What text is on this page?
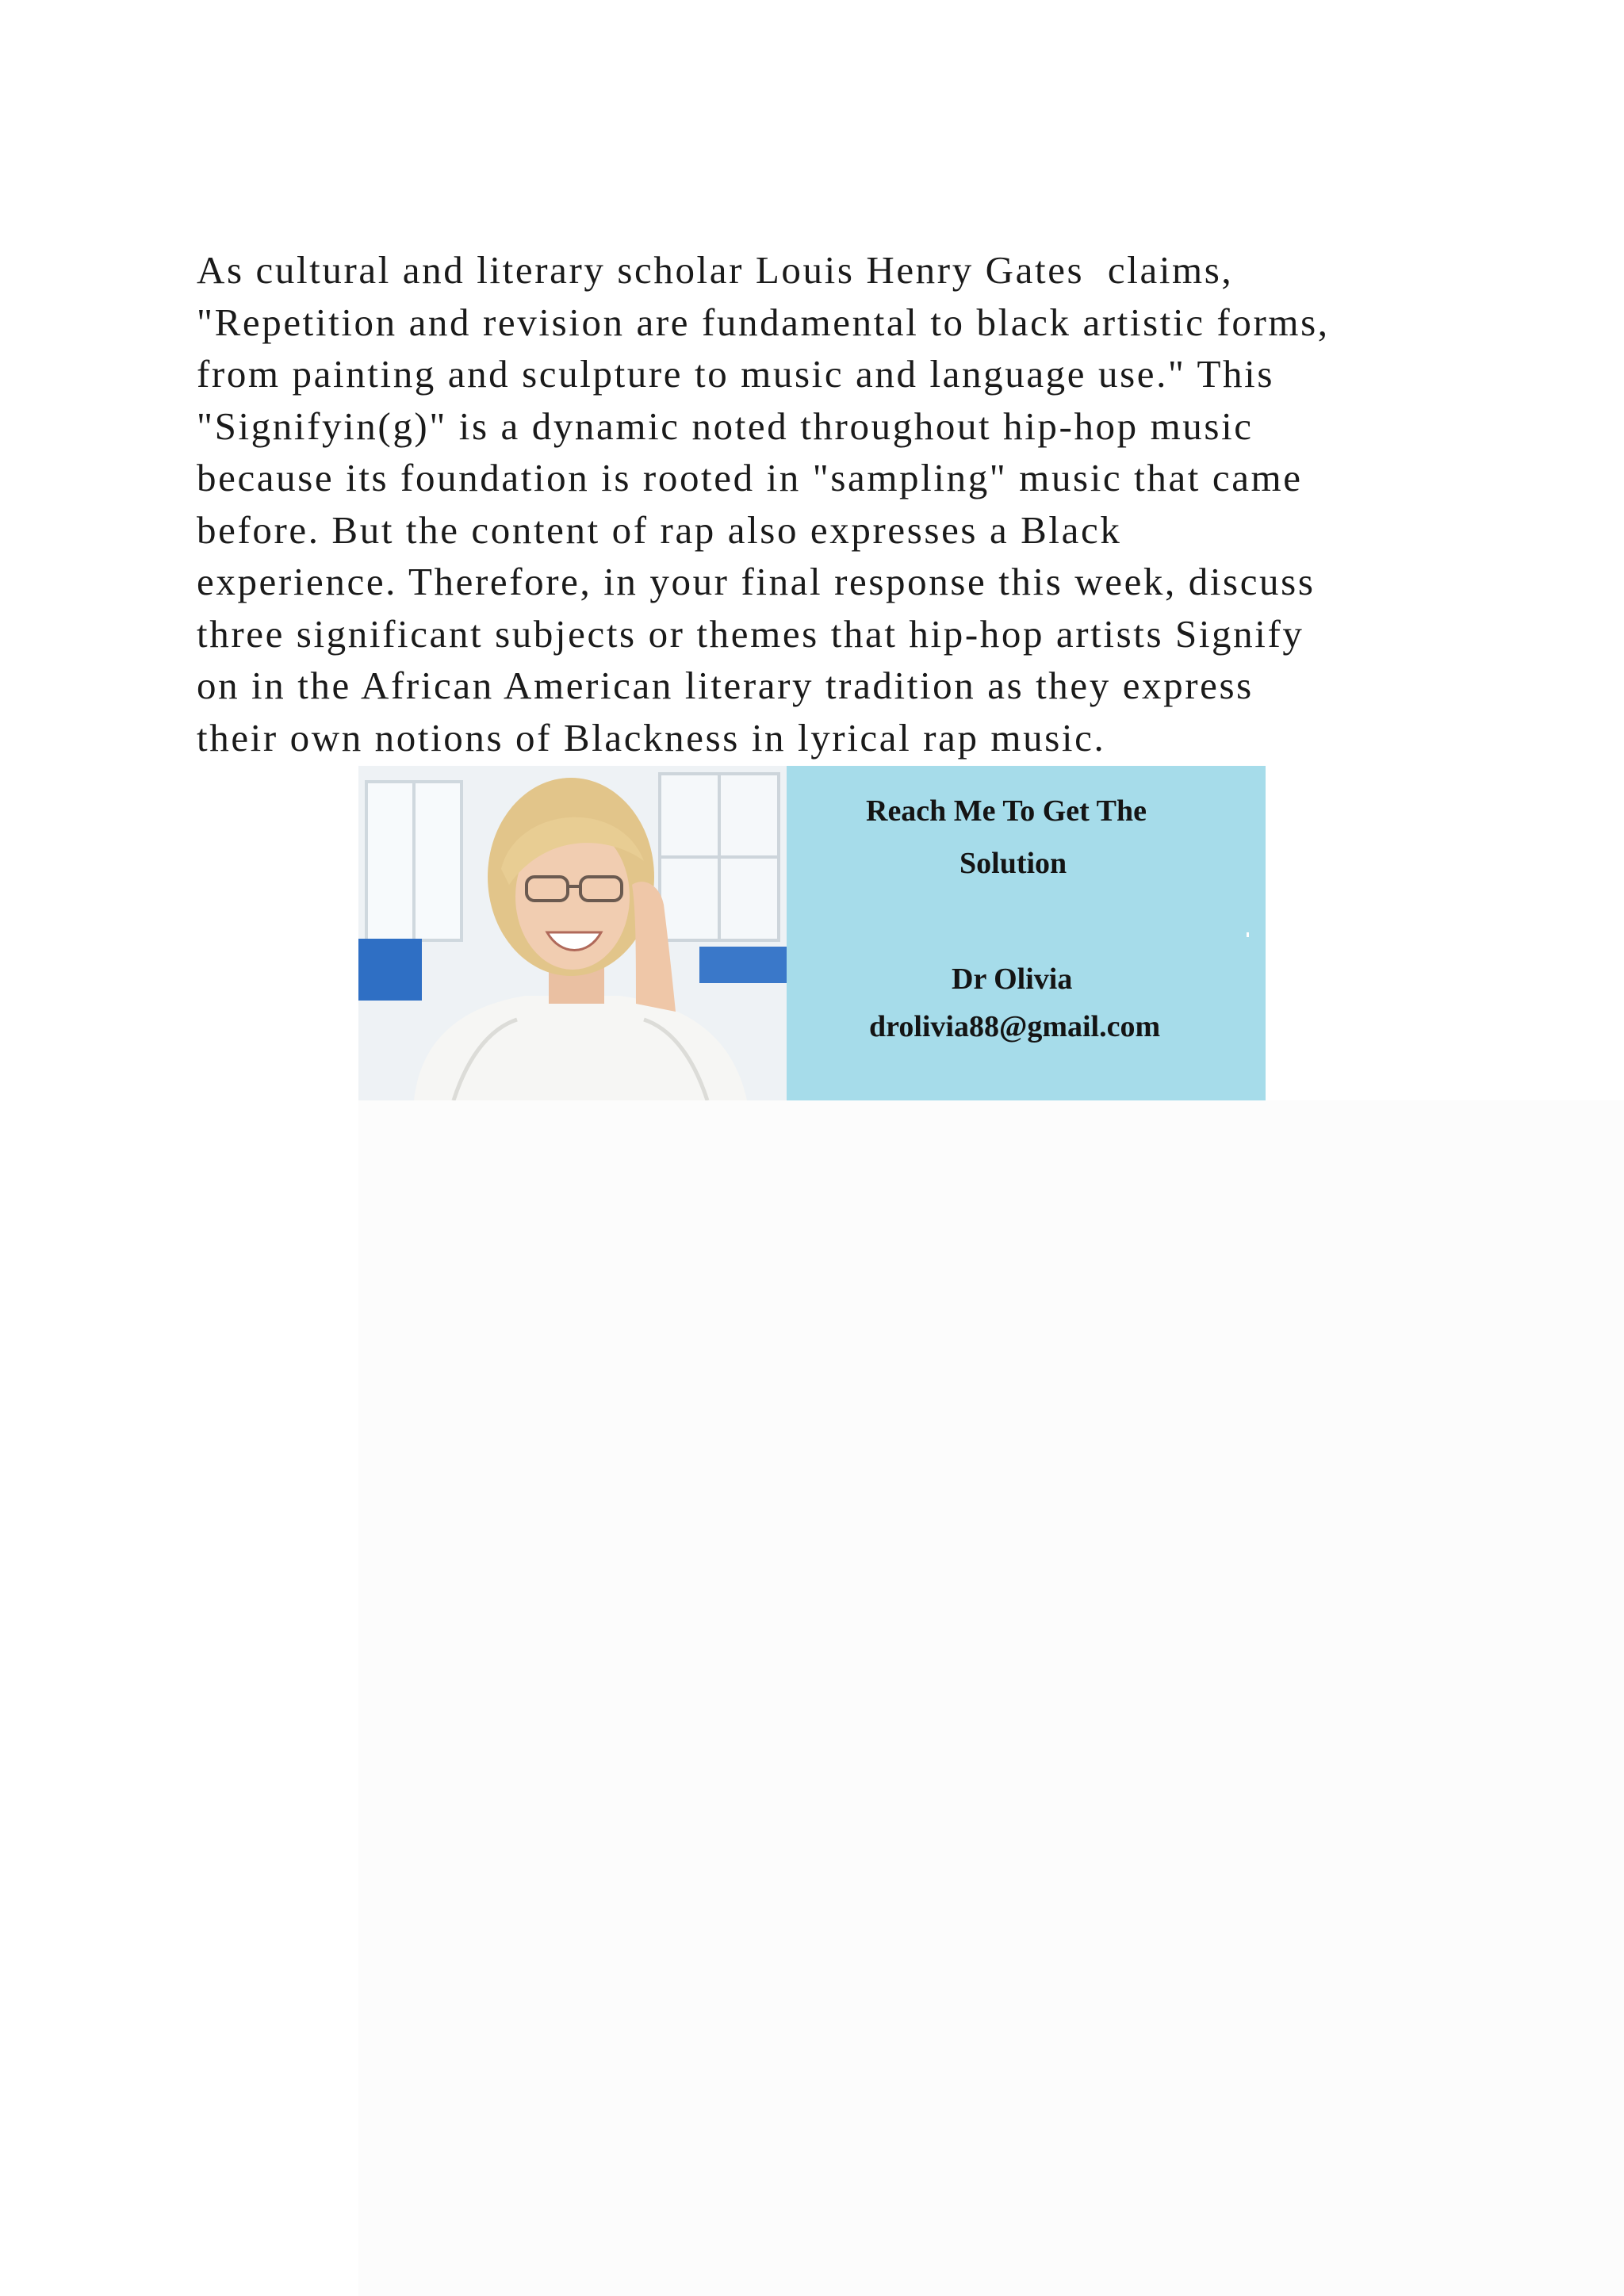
As cultural and literary scholar Louis Henry Gates  claims,
"Repetition and revision are fundamental to black artistic forms,
from painting and sculpture to music and language use." This
"Signifyin(g)" is a dynamic noted throughout hip-hop music
because its foundation is rooted in "sampling" music that came
before. But the content of rap also expresses a Black
experience. Therefore, in your final response this week, discuss
three significant subjects or themes that hip-hop artists Signify
on in the African American literary tradition as they express
their own notions of Blackness in lyrical rap music.

Reach Me To Get The
Solution
Dr Olivia
drolivia88@gmail.com
